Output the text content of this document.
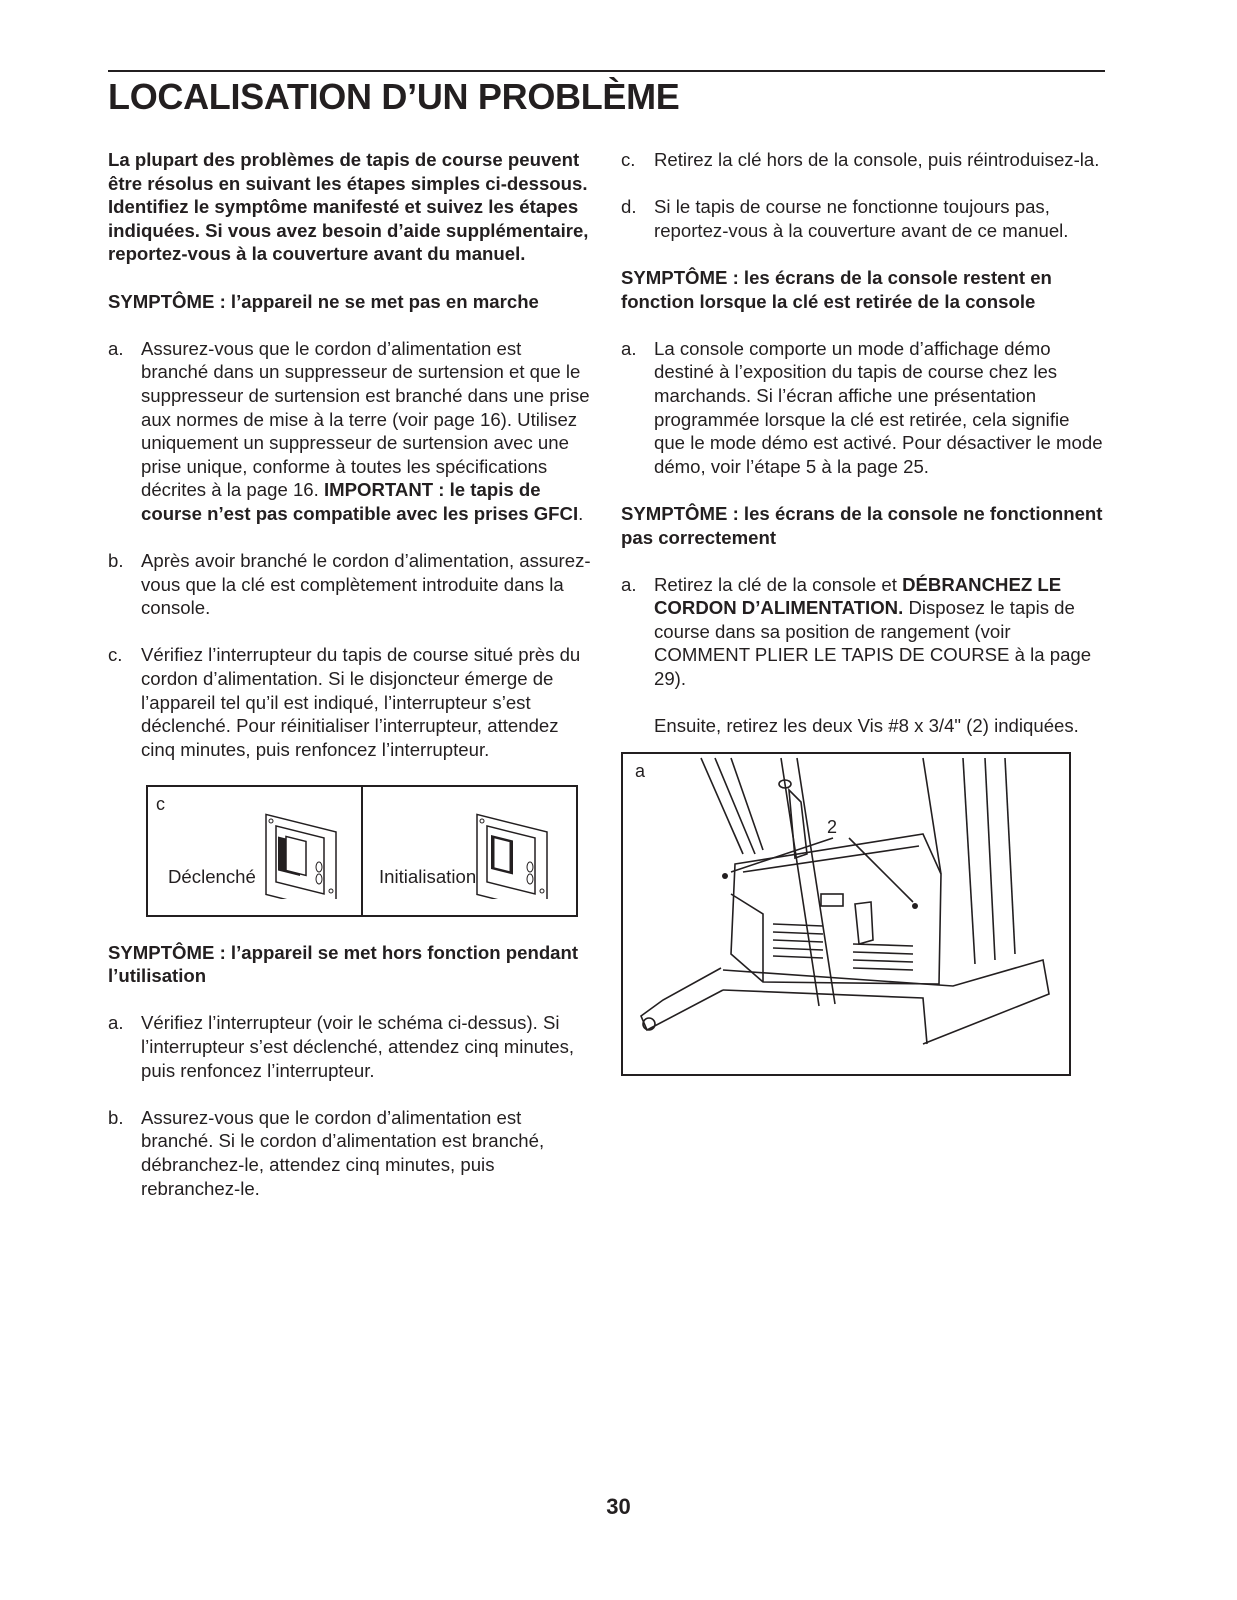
LOCALISATION D’UN PROBLÈME

La plupart des problèmes de tapis de course peuvent être résolus en suivant les étapes simples ci-dessous. Identifiez le symptôme manifesté et suivez les étapes indiquées. Si vous avez besoin d’aide supplémentaire, reportez-vous à la couverture avant du manuel.

SYMPTÔME : l’appareil ne se met pas en marche

a. Assurez-vous que le cordon d’alimentation est branché dans un suppresseur de surtension et que le suppresseur de surtension est branché dans une prise aux normes de mise à la terre (voir page 16). Utilisez uniquement un suppresseur de surtension avec une prise unique, conforme à toutes les spécifications décrites à la page 16. IMPORTANT : le tapis de course n’est pas compatible avec les prises GFCI.
b. Après avoir branché le cordon d’alimentation, assurez-vous que la clé est complètement introduite dans la console.
c. Vérifiez l’interrupteur du tapis de course situé près du cordon d’alimentation. Si le disjoncteur émerge de l’appareil tel qu’il est indiqué, l’interrupteur s’est déclenché. Pour réinitialiser l’interrupteur, attendez cinq minutes, puis renfoncez l’interrupteur.
c
Déclenché	Initialisation

SYMPTÔME : l’appareil se met hors fonction pendant l’utilisation

a. Vérifiez l’interrupteur (voir le schéma ci-dessus). Si l’interrupteur s’est déclenché, attendez cinq minutes, puis renfoncez l’interrupteur.
b. Assurez-vous que le cordon d’alimentation est branché. Si le cordon d’alimentation est branché, débranchez-le, attendez cinq minutes, puis rebranchez-le.
c. Retirez la clé hors de la console, puis réintroduisez-la.
d. Si le tapis de course ne fonctionne toujours pas, reportez-vous à la couverture avant de ce manuel.

SYMPTÔME : les écrans de la console restent en fonction lorsque la clé est retirée de la console

a. La console comporte un mode d’affichage démo destiné à l’exposition du tapis de course chez les marchands. Si l’écran affiche une présentation programmée lorsque la clé est retirée, cela signifie que le mode démo est activé. Pour désactiver le mode démo, voir l’étape 5 à la page 25.

SYMPTÔME : les écrans de la console ne fonctionnent pas correctement

a. Retirez la clé de la console et DÉBRANCHEZ LE CORDON D’ALIMENTATION. Disposez le tapis de course dans sa position de rangement (voir COMMENT PLIER LE TAPIS DE COURSE à la page 29).

Ensuite, retirez les deux Vis #8 x 3/4" (2) indiquées.

a
2
30
